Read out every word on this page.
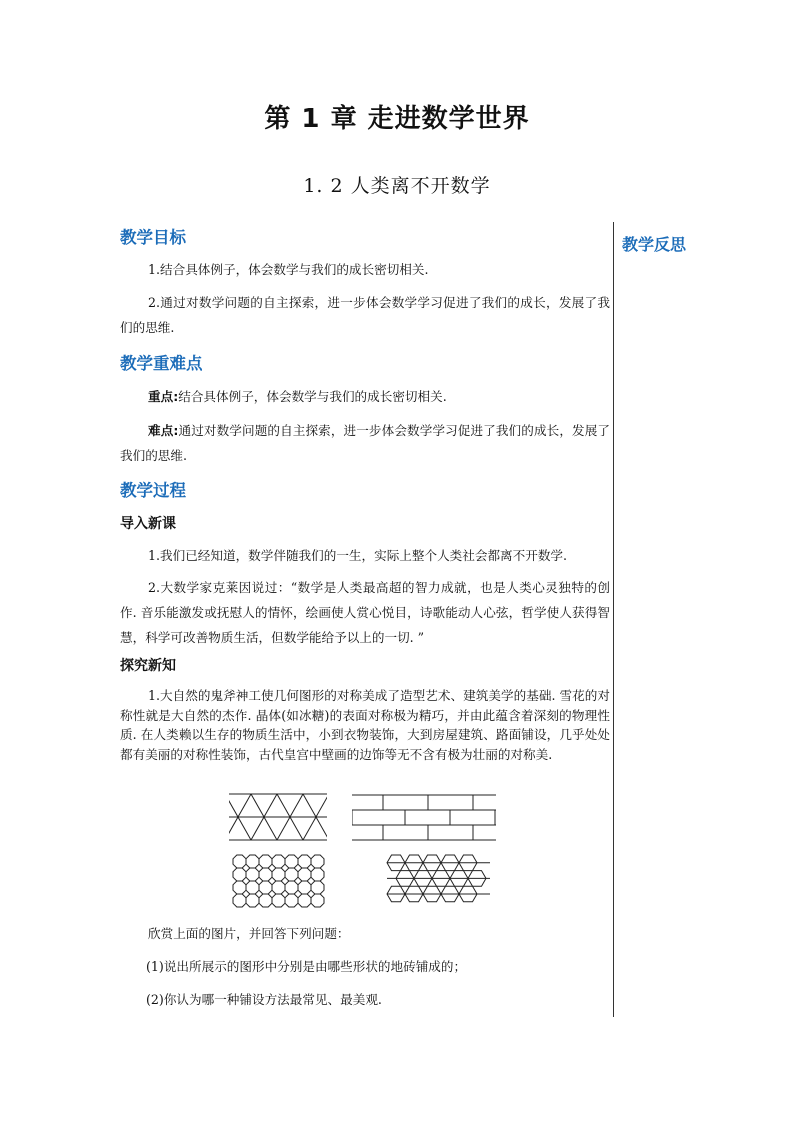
第 1 章 走进数学世界
1. 2 人类离不开数学
教学反思
教学目标
1.结合具体例子，体会数学与我们的成长密切相关.
2.通过对数学问题的自主探索，进一步体会数学学习促进了我们的成长，发展了我们的思维.
教学重难点
重点:结合具体例子，体会数学与我们的成长密切相关.
难点:通过对数学问题的自主探索，进一步体会数学学习促进了我们的成长，发展了我们的思维.
教学过程
导入新课
1.我们已经知道，数学伴随我们的一生，实际上整个人类社会都离不开数学.
2.大数学家克莱因说过：“数学是人类最高超的智力成就，也是人类心灵独特的创作. 音乐能激发或抚慰人的情怀，绘画使人赏心悦目，诗歌能动人心弦，哲学使人获得智慧，科学可改善物质生活，但数学能给予以上的一切. ”
探究新知
1.大自然的鬼斧神工使几何图形的对称美成了造型艺术、建筑美学的基础. 雪花的对称性就是大自然的杰作. 晶体(如冰糖)的表面对称极为精巧，并由此蕴含着深刻的物理性质. 在人类赖以生存的物质生活中，小到衣物装饰，大到房屋建筑、路面铺设，几乎处处都有美丽的对称性装饰，古代皇宫中壁画的边饰等无不含有极为壮丽的对称美.
欣赏上面的图片，并回答下列问题：
(1)说出所展示的图形中分别是由哪些形状的地砖铺成的；
(2)你认为哪一种铺设方法最常见、最美观.
